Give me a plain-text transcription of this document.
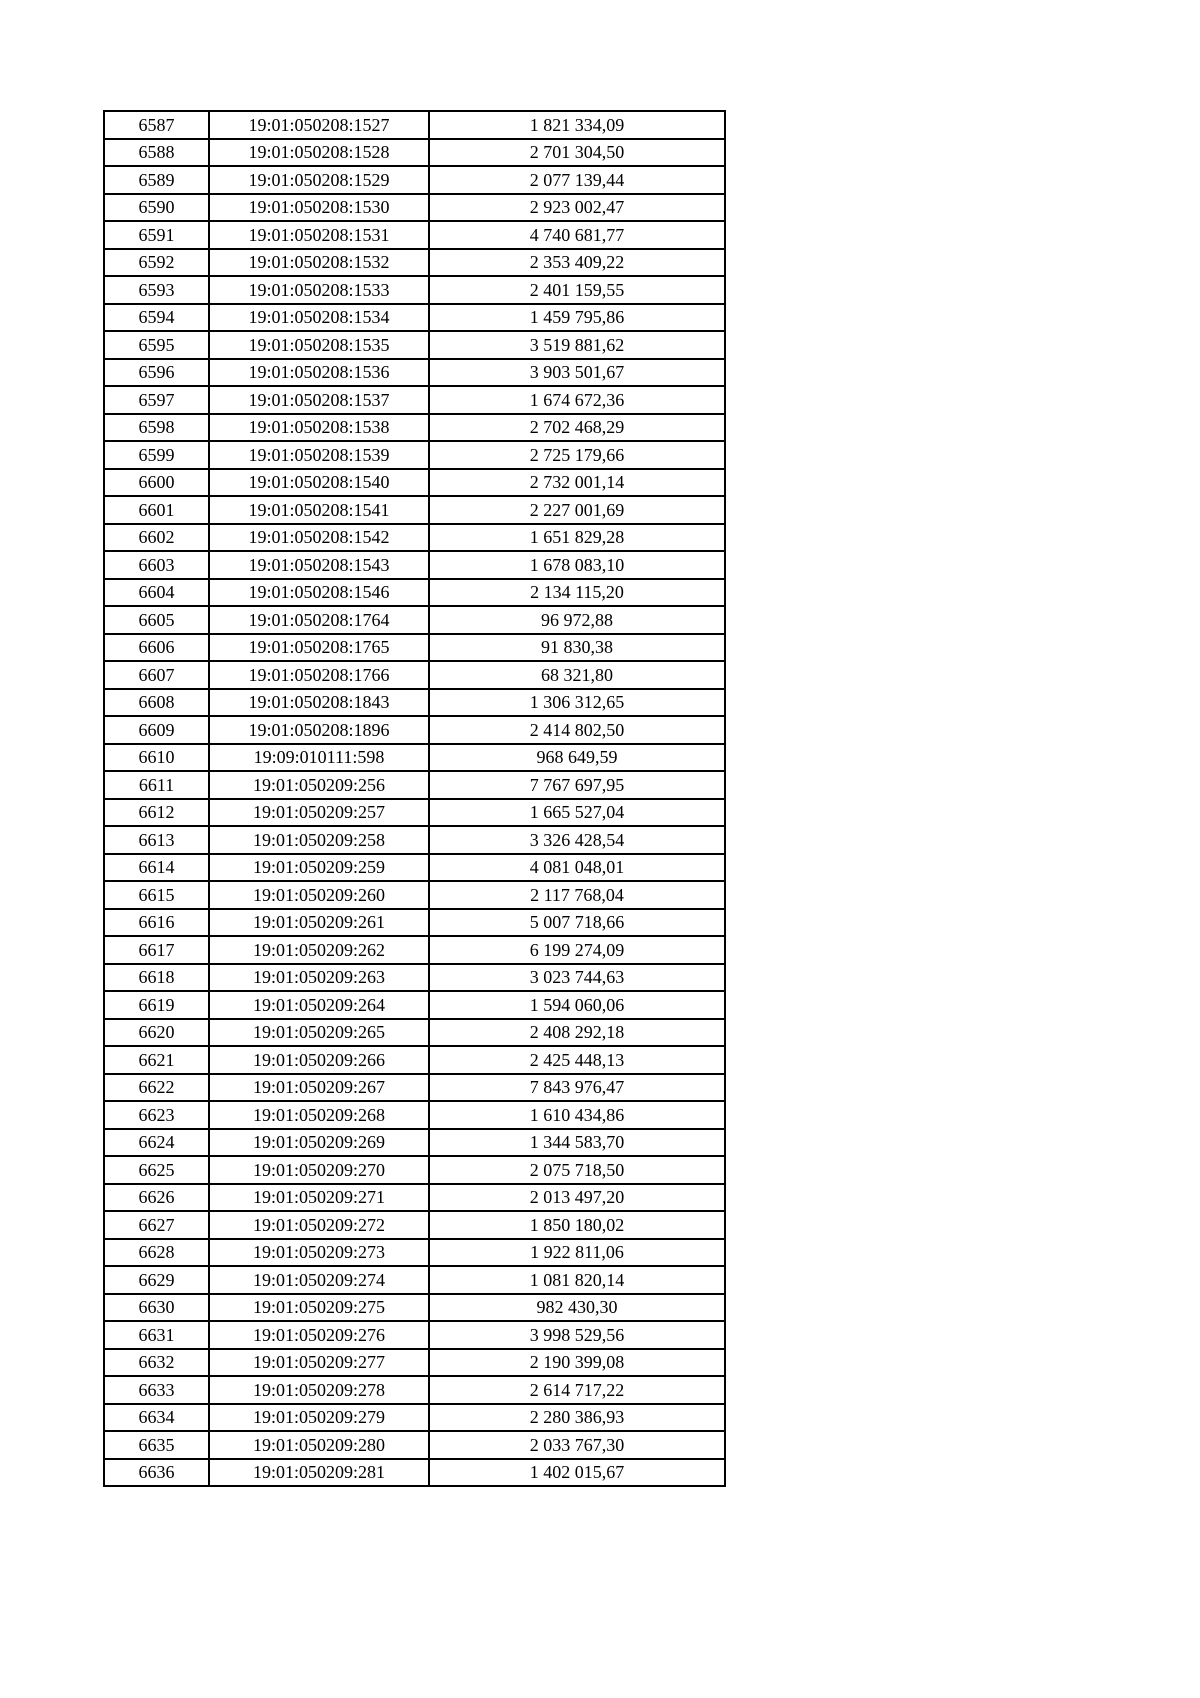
6587	19:01:050208:1527	1 821 334,09
6588	19:01:050208:1528	2 701 304,50
6589	19:01:050208:1529	2 077 139,44
6590	19:01:050208:1530	2 923 002,47
6591	19:01:050208:1531	4 740 681,77
6592	19:01:050208:1532	2 353 409,22
6593	19:01:050208:1533	2 401 159,55
6594	19:01:050208:1534	1 459 795,86
6595	19:01:050208:1535	3 519 881,62
6596	19:01:050208:1536	3 903 501,67
6597	19:01:050208:1537	1 674 672,36
6598	19:01:050208:1538	2 702 468,29
6599	19:01:050208:1539	2 725 179,66
6600	19:01:050208:1540	2 732 001,14
6601	19:01:050208:1541	2 227 001,69
6602	19:01:050208:1542	1 651 829,28
6603	19:01:050208:1543	1 678 083,10
6604	19:01:050208:1546	2 134 115,20
6605	19:01:050208:1764	96 972,88
6606	19:01:050208:1765	91 830,38
6607	19:01:050208:1766	68 321,80
6608	19:01:050208:1843	1 306 312,65
6609	19:01:050208:1896	2 414 802,50
6610	19:09:010111:598	968 649,59
6611	19:01:050209:256	7 767 697,95
6612	19:01:050209:257	1 665 527,04
6613	19:01:050209:258	3 326 428,54
6614	19:01:050209:259	4 081 048,01
6615	19:01:050209:260	2 117 768,04
6616	19:01:050209:261	5 007 718,66
6617	19:01:050209:262	6 199 274,09
6618	19:01:050209:263	3 023 744,63
6619	19:01:050209:264	1 594 060,06
6620	19:01:050209:265	2 408 292,18
6621	19:01:050209:266	2 425 448,13
6622	19:01:050209:267	7 843 976,47
6623	19:01:050209:268	1 610 434,86
6624	19:01:050209:269	1 344 583,70
6625	19:01:050209:270	2 075 718,50
6626	19:01:050209:271	2 013 497,20
6627	19:01:050209:272	1 850 180,02
6628	19:01:050209:273	1 922 811,06
6629	19:01:050209:274	1 081 820,14
6630	19:01:050209:275	982 430,30
6631	19:01:050209:276	3 998 529,56
6632	19:01:050209:277	2 190 399,08
6633	19:01:050209:278	2 614 717,22
6634	19:01:050209:279	2 280 386,93
6635	19:01:050209:280	2 033 767,30
6636	19:01:050209:281	1 402 015,67
